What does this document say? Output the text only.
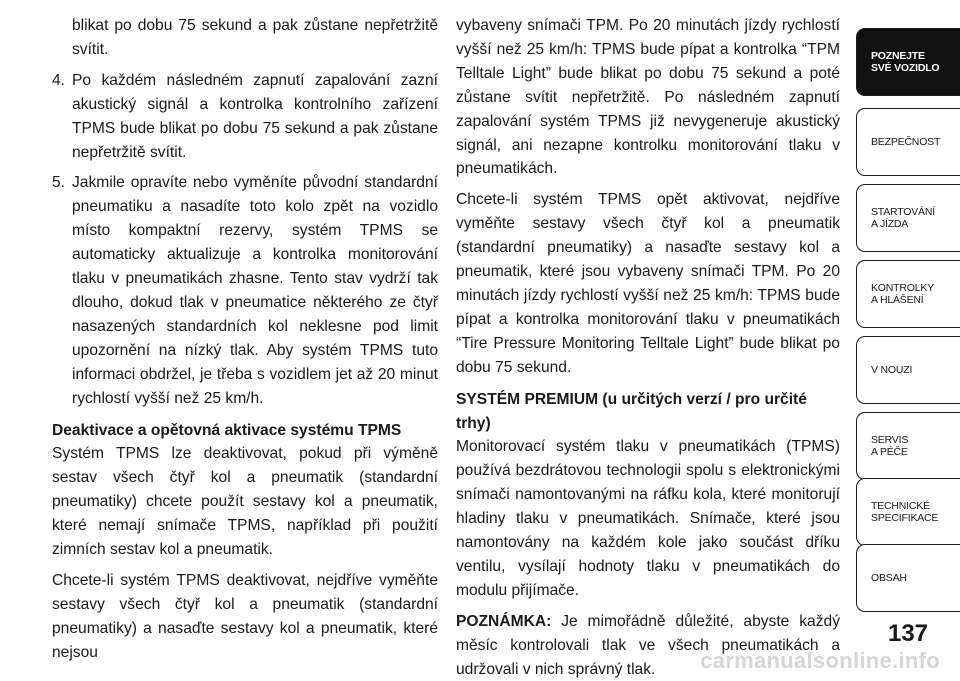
blikat po dobu 75 sekund a pak zůstane nepřetržitě svítit.

4. Po každém následném zapnutí zapalování zazní akustický signál a kontrolka kontrolního zařízení TPMS bude blikat po dobu 75 sekund a pak zůstane nepřetržitě svítit.

5. Jakmile opravíte nebo vyměníte původní standardní pneumatiku a nasadíte toto kolo zpět na vozidlo místo kompaktní rezervy, systém TPMS se automaticky aktualizuje a kontrolka monitorování tlaku v pneumatikách zhasne. Tento stav vydrží tak dlouho, dokud tlak v pneumatice některého ze čtyř nasazených standardních kol neklesne pod limit upozornění na nízký tlak. Aby systém TPMS tuto informaci obdržel, je třeba s vozidlem jet až 20 minut rychlostí vyšší než 25 km/h.

Deaktivace a opětovná aktivace systému TPMS

Systém TPMS lze deaktivovat, pokud při výměně sestav všech čtyř kol a pneumatik (standardní pneumatiky) chcete použít sestavy kol a pneumatik, které nemají snímače TPMS, například při použití zimních sestav kol a pneumatik.

Chcete-li systém TPMS deaktivovat, nejdříve vyměňte sestavy všech čtyř kol a pneumatik (standardní pneumatiky) a nasaďte sestavy kol a pneumatik, které nejsou

vybaveny snímači TPM. Po 20 minutách jízdy rychlostí vyšší než 25 km/h: TPMS bude pípat a kontrolka “TPM Telltale Light” bude blikat po dobu 75 sekund a poté zůstane svítit nepřetržitě. Po následném zapnutí zapalování systém TPMS již nevygeneruje akustický signál, ani nezapne kontrolku monitorování tlaku v pneumatikách.

Chcete-li systém TPMS opět aktivovat, nejdříve vyměňte sestavy všech čtyř kol a pneumatik (standardní pneumatiky) a nasaďte sestavy kol a pneumatik, které jsou vybaveny snímači TPM. Po 20 minutách jízdy rychlostí vyšší než 25 km/h: TPMS bude pípat a kontrolka monitorování tlaku v pneumatikách “Tire Pressure Monitoring Telltale Light” bude blikat po dobu 75 sekund.

SYSTÉM PREMIUM (u určitých verzí / pro určité trhy)

Monitorovací systém tlaku v pneumatikách (TPMS) používá bezdrátovou technologii spolu s elektronickými snímači namontovanými na ráfku kola, které monitorují hladiny tlaku v pneumatikách. Snímače, které jsou namontovány na každém kole jako součást dříku ventilu, vysílají hodnoty tlaku v pneumatikách do modulu přijímače.

POZNÁMKA: Je mimořádně důležité, abyste každý měsíc kontrolovali tlak ve všech pneumatikách a udržovali v nich správný tlak.

POZNEJTE
SVÉ VOZIDLO
BEZPEČNOST
STARTOVÁNÍ
A JÍZDA
KONTROLKY
A HLÁŠENÍ
V NOUZI
SERVIS
A PÉČE
TECHNICKÉ
SPECIFIKACE
OBSAH
137
carmanualsonline.info
